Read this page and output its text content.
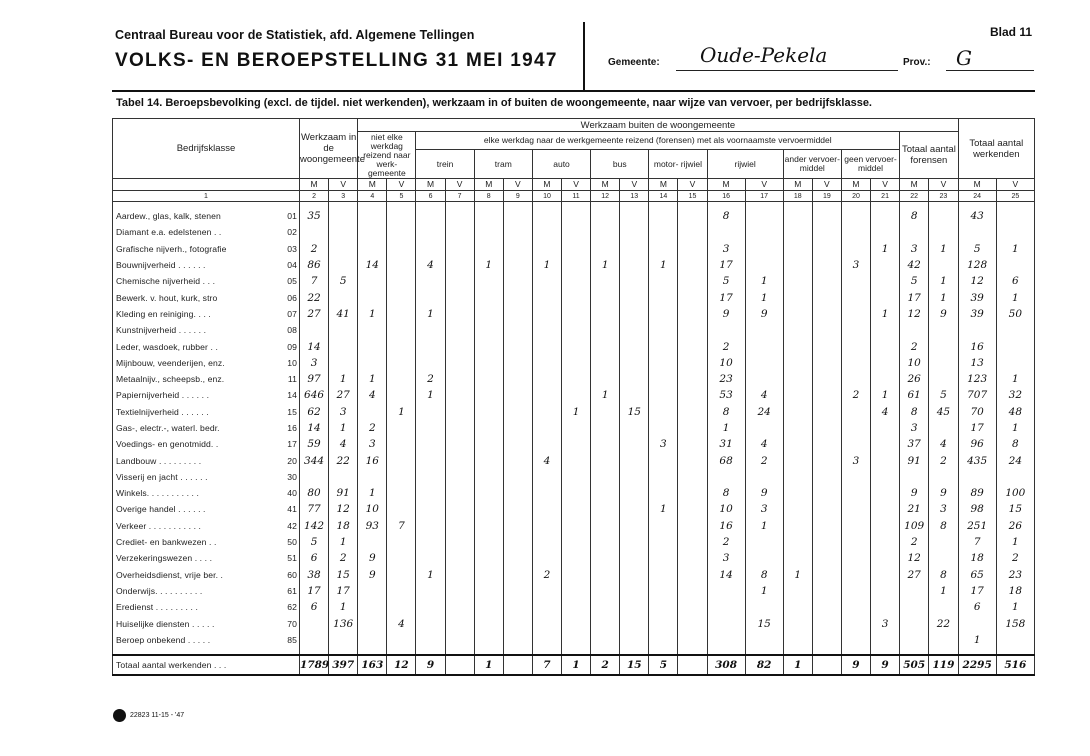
Centraal Bureau voor de Statistiek, afd. Algemene Tellingen
VOLKS- EN BEROEPSTELLING 31 MEI 1947	Gemeente: Oude-Pekela	Prov.: G
Blad 11
Tabel 14. Beroepsbevolking (excl. de tijdel. niet werkenden), werkzaam in of buiten de woongemeente, naar wijze van vervoer, per bedrijfsklasse.
Bedrijfsklasse	Werkzaam in de woongemeente		Werkzaam buiten de woongemeente																				Totaal aantal werkenden	
			niet elke werkdag reizend naar werk- gemeente		elke werkdag naar de werkgemeente reizend (forensen) met als voornaamste vervoermiddel																Totaal aantal forensen			
					trein		tram		auto		bus		motor- rijwiel		rijwiel		ander vervoer- middel		geen vervoer- middel					
	M	V	M	V	M	V	M	V	M	V	M	V	M	V	M	V	M	V	M	V	M	V	M	V
1	2	3	4	5	6	7	8	9	10	11	12	13	14	15	16	17	18	19	20	21	22	23	24	25

01
Aardew., glas, kalk, stenen	35														8						8		43	

02
Diamant e.a. edelstenen . .																								

03
Grafische nijverh., fotografie	2														3					1	3	1	5	1

04
Bouwnijverheid . . . . . .	86		14		4		1		1		1		1		17				3		42		128	

05
Chemische nijverheid . . .	7	5													5	1					5	1	12	6

06
Bewerk. v. hout, kurk, stro	22														17	1					17	1	39	1

07
Kleding en reiniging. . . .	27	41	1		1										9	9				1	12	9	39	50

08
Kunstnijverheid . . . . . .																								

09
Leder, wasdoek, rubber . .	14														2						2		16	

10
Mijnbouw, veenderijen, enz.	3														10						10		13	

11
Metaalnijv., scheepsb., enz.	97	1	1		2										23						26		123	1

14
Papiernijverheid . . . . . .	646	27	4		1						1				53	4			2	1	61	5	707	32

15
Textielnijverheid . . . . . .	62	3		1						1		15			8	24				4	8	45	70	48

16
Gas-, electr.-, waterl. bedr.	14	1	2												1						3		17	1

17
Voedings- en genotmidd. .	59	4	3										3		31	4					37	4	96	8

20
Landbouw . . . . . . . . .	344	22	16						4						68	2			3		91	2	435	24

30
Visserij en jacht . . . . . .																								

40
Winkels. . . . . . . . . . .	80	91	1												8	9					9	9	89	100

41
Overige handel . . . . . .	77	12	10										1		10	3					21	3	98	15

42
Verkeer . . . . . . . . . . .	142	18	93	7											16	1					109	8	251	26

50
Crediet- en bankwezen . .	5	1													2						2		7	1

51
Verzekeringswezen . . . .	6	2	9												3						12		18	2

60
Overheidsdienst, vrije ber. .	38	15	9		1				2						14	8	1				27	8	65	23

61
Onderwijs. . . . . . . . . .	17	17														1						1	17	18

62
Eredienst . . . . . . . . .	6	1																					6	1

70
Huiselijke diensten . . . . .		136		4												15				3		22		158

85
Beroep onbekend . . . . .																							1	

Totaal aantal werkenden . . .	1789	397	163	12	9		1		7	1	2	15	5		308	82	1		9	9	505	119	2295	516
22823 11-15 - '47
